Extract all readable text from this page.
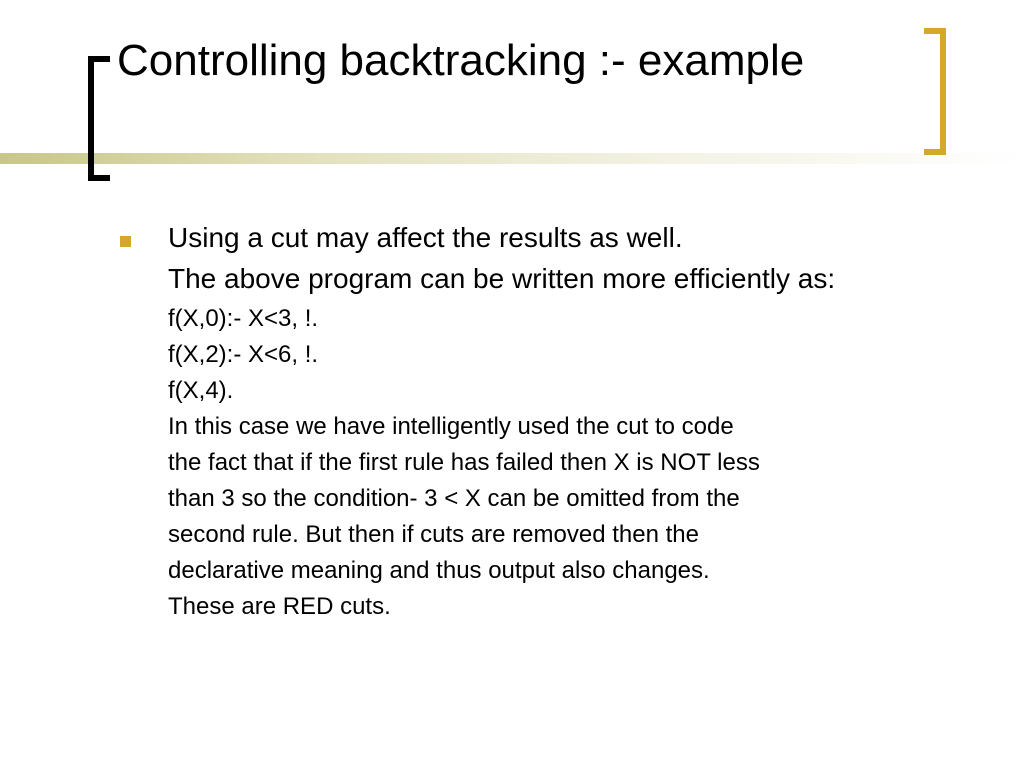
Controlling backtracking :- example

Using a cut may affect the results as well.

The above program can be written more efficiently as:

f(X,0):- X<3, !.

f(X,2):- X<6, !.

f(X,4).

In this case we have intelligently used the cut to code

the fact that if the first rule has failed then X is NOT less

than 3 so the condition- 3 < X can be omitted from the

second rule. But then if cuts are removed then the

declarative meaning and thus output also changes.

These are RED cuts.
